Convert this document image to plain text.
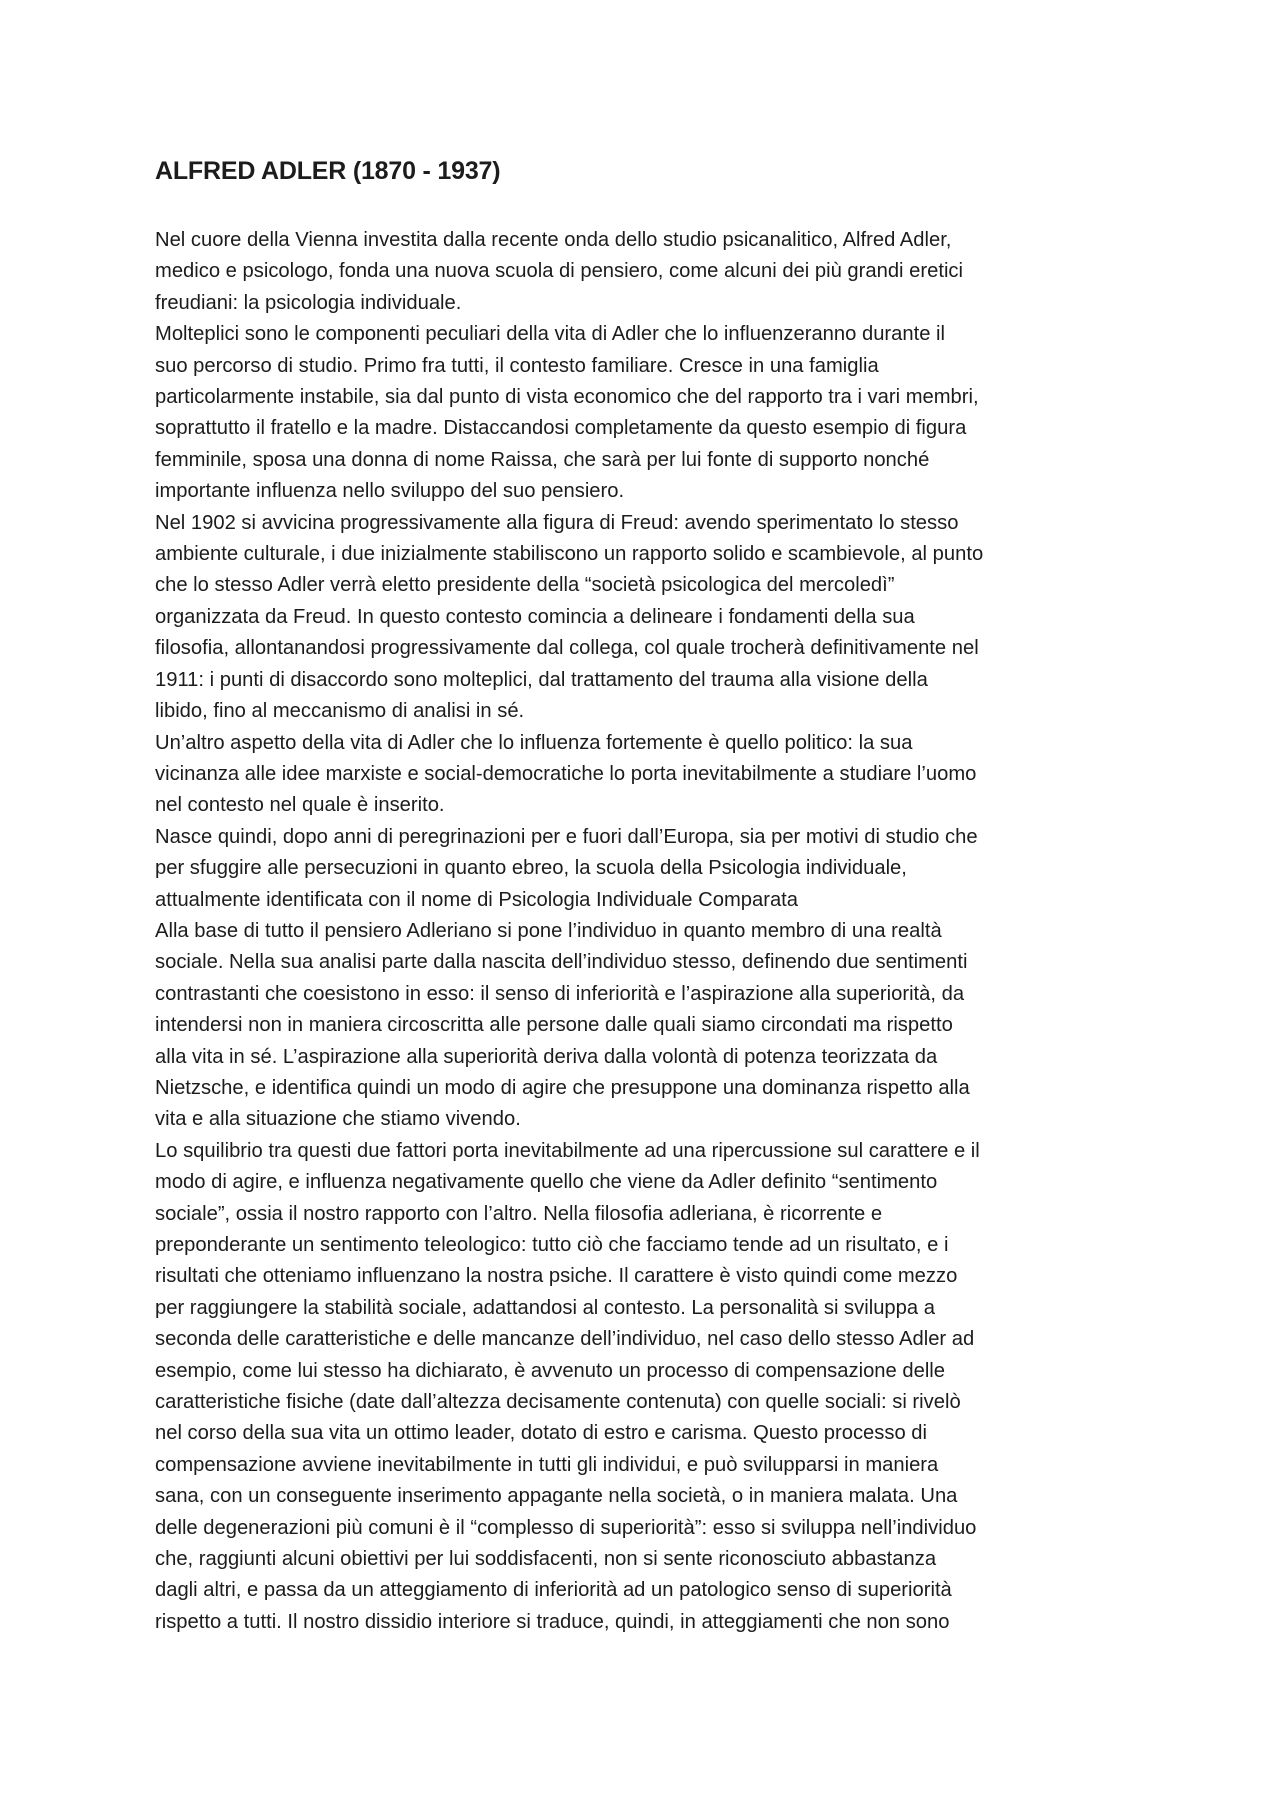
ALFRED ADLER (1870 - 1937)

Nel cuore della Vienna investita dalla recente onda dello studio psicanalitico, Alfred Adler,

medico e psicologo, fonda una nuova scuola di pensiero, come alcuni dei più grandi eretici

freudiani: la psicologia individuale.

Molteplici sono le componenti peculiari della vita di Adler che lo influenzeranno durante il

suo percorso di studio. Primo fra tutti, il contesto familiare. Cresce in una famiglia

particolarmente instabile, sia dal punto di vista economico che del rapporto tra i vari membri,

soprattutto il fratello e la madre. Distaccandosi completamente da questo esempio di figura

femminile, sposa una donna di nome Raissa, che sarà per lui fonte di supporto nonché

importante influenza nello sviluppo del suo pensiero.

Nel 1902 si avvicina progressivamente alla figura di Freud: avendo sperimentato lo stesso

ambiente culturale, i due inizialmente stabiliscono un rapporto solido e scambievole, al punto

che lo stesso Adler verrà eletto presidente della “società psicologica del mercoledì”

organizzata da Freud. In questo contesto comincia a delineare i fondamenti della sua

filosofia, allontanandosi progressivamente dal collega, col quale trocherà definitivamente nel

1911: i punti di disaccordo sono molteplici, dal trattamento del trauma alla visione della

libido, fino al meccanismo di analisi in sé.

Un’altro aspetto della vita di Adler che lo influenza fortemente è quello politico: la sua

vicinanza alle idee marxiste e social-democratiche lo porta inevitabilmente a studiare l’uomo

nel contesto nel quale è inserito.

Nasce quindi, dopo anni di peregrinazioni per e fuori dall’Europa, sia per motivi di studio che

per sfuggire alle persecuzioni in quanto ebreo, la scuola della Psicologia individuale,

attualmente identificata con il nome di Psicologia Individuale Comparata

Alla base di tutto il pensiero Adleriano si pone l’individuo in quanto membro di una realtà

sociale. Nella sua analisi parte dalla nascita dell’individuo stesso, definendo due sentimenti

contrastanti che coesistono in esso: il senso di inferiorità e l’aspirazione alla superiorità, da

intendersi non in maniera circoscritta alle persone dalle quali siamo circondati ma rispetto

alla vita in sé. L’aspirazione alla superiorità deriva dalla volontà di potenza teorizzata da

Nietzsche, e identifica quindi un modo di agire che presuppone una dominanza rispetto alla

vita e alla situazione che stiamo vivendo.

Lo squilibrio tra questi due fattori porta inevitabilmente ad una ripercussione sul carattere e il

modo di agire, e influenza negativamente quello che viene da Adler definito “sentimento

sociale”, ossia il nostro rapporto con l’altro. Nella filosofia adleriana, è ricorrente e

preponderante un sentimento teleologico: tutto ciò che facciamo tende ad un risultato, e i

risultati che otteniamo influenzano la nostra psiche. Il carattere è visto quindi come mezzo

per raggiungere la stabilità sociale, adattandosi al contesto. La personalità si sviluppa a

seconda delle caratteristiche e delle mancanze dell’individuo, nel caso dello stesso Adler ad

esempio, come lui stesso ha dichiarato, è avvenuto un processo di compensazione delle

caratteristiche fisiche (date dall’altezza decisamente contenuta) con quelle sociali: si rivelò

nel corso della sua vita un ottimo leader, dotato di estro e carisma. Questo processo di

compensazione avviene inevitabilmente in tutti gli individui, e può svilupparsi in maniera

sana, con un conseguente inserimento appagante nella società, o in maniera malata. Una

delle degenerazioni più comuni è il “complesso di superiorità”: esso si sviluppa nell’individuo

che, raggiunti alcuni obiettivi per lui soddisfacenti, non si sente riconosciuto abbastanza

dagli altri, e passa da un atteggiamento di inferiorità ad un patologico senso di superiorità

rispetto a tutti. Il nostro dissidio interiore si traduce, quindi, in atteggiamenti che non sono
